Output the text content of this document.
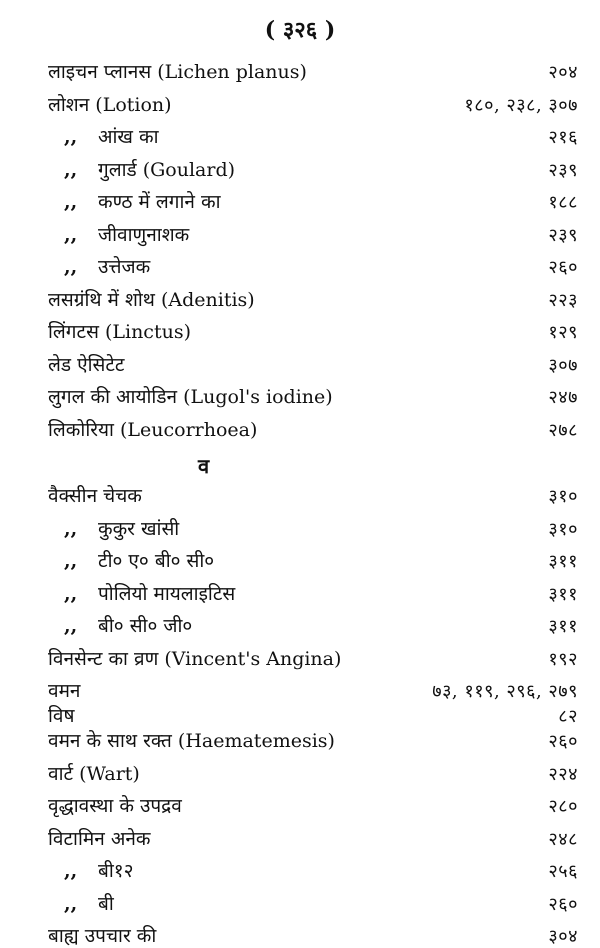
( ३२६ )
लाइचन प्लानस (Lichen planus)	२०४
लोशन (Lotion)	१८०, २३८, ३०७
,,	आंख का	२१६
,,	गुलार्ड (Goulard)	२३९
,,	कण्ठ में लगाने का	१८८
,,	जीवाणुनाशक	२३९
,,	उत्तेजक	२६०
लसग्रंथि में शोथ (Adenitis)	२२३
लिंगटस (Linctus)	१२९
लेड ऐसिटेट	३०७
लुगल की आयोडिन (Lugol's iodine)	२४७
लिकोरिया (Leucorrhoea)	२७८
व
वैक्सीन चेचक	३१०
,,	कुकुर खांसी	३१०
,,	टी० ए० बी० सी०	३११
,,	पोलियो मायलाइटिस	३११
,,	बी० सी० जी०	३११
विनसेन्ट का व्रण (Vincent's Angina)	१९२
वमन	७३, ११९, २९६, २७९
विष	८२
वमन के साथ रक्त (Haematemesis)	२६०
वार्ट (Wart)	२२४
वृद्धावस्था के उपद्रव	२८०
विटामिन अनेक	२४८
,,	बी१२	२५६
,,	बी	२६०
बाह्य उपचार की	३०४
